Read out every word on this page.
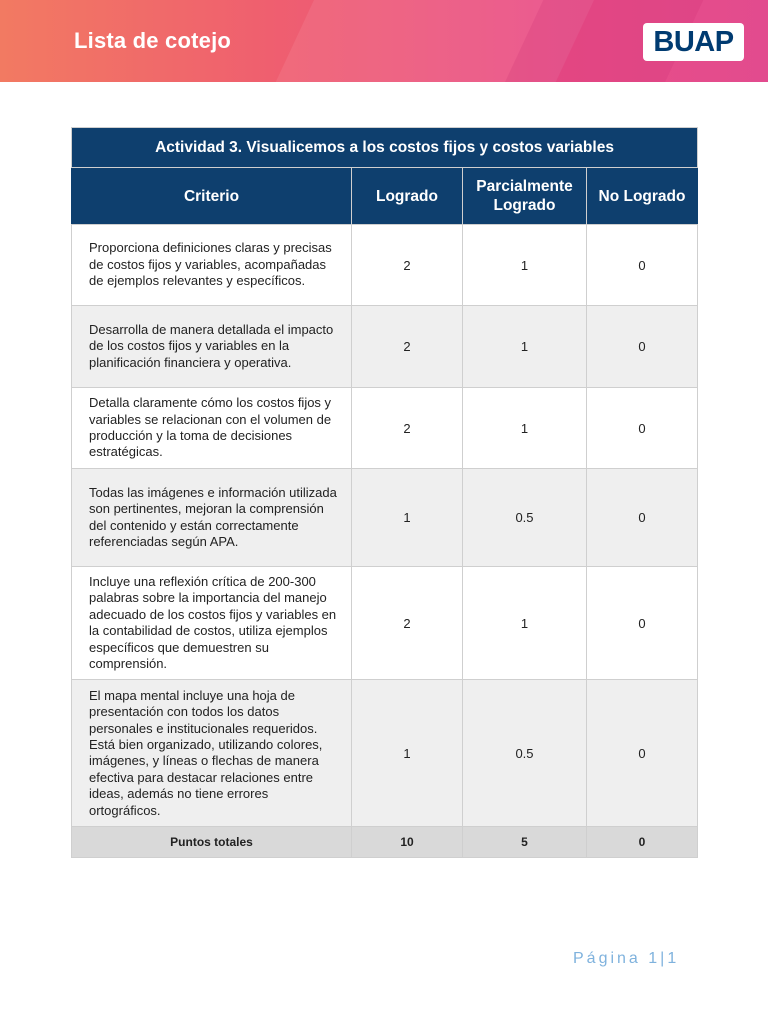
Lista de cotejo	BUAP
Actividad 3. Visualicemos a los costos fijos y costos variables			
Criterio	Logrado	Parcialmente Logrado	No Logrado
Proporciona definiciones claras y precisas de costos fijos y variables, acompañadas de ejemplos relevantes y específicos.	2	1	0
Desarrolla de manera detallada el impacto de los costos fijos y variables en la planificación financiera y operativa.	2	1	0
Detalla claramente cómo los costos fijos y variables se relacionan con el volumen de producción y la toma de decisiones estratégicas.	2	1	0
Todas las imágenes e información utilizada son pertinentes, mejoran la comprensión del contenido y están correctamente referenciadas según APA.	1	0.5	0
Incluye una reflexión crítica de 200-300 palabras sobre la importancia del manejo adecuado de los costos fijos y variables en la contabilidad de costos, utiliza ejemplos específicos que demuestren su comprensión.	2	1	0
El mapa mental incluye una hoja de presentación con todos los datos personales e institucionales requeridos. Está bien organizado, utilizando colores, imágenes, y líneas o flechas de manera efectiva para destacar relaciones entre ideas, además no tiene errores ortográficos.	1	0.5	0
Puntos totales	10	5	0
Página 1|1
